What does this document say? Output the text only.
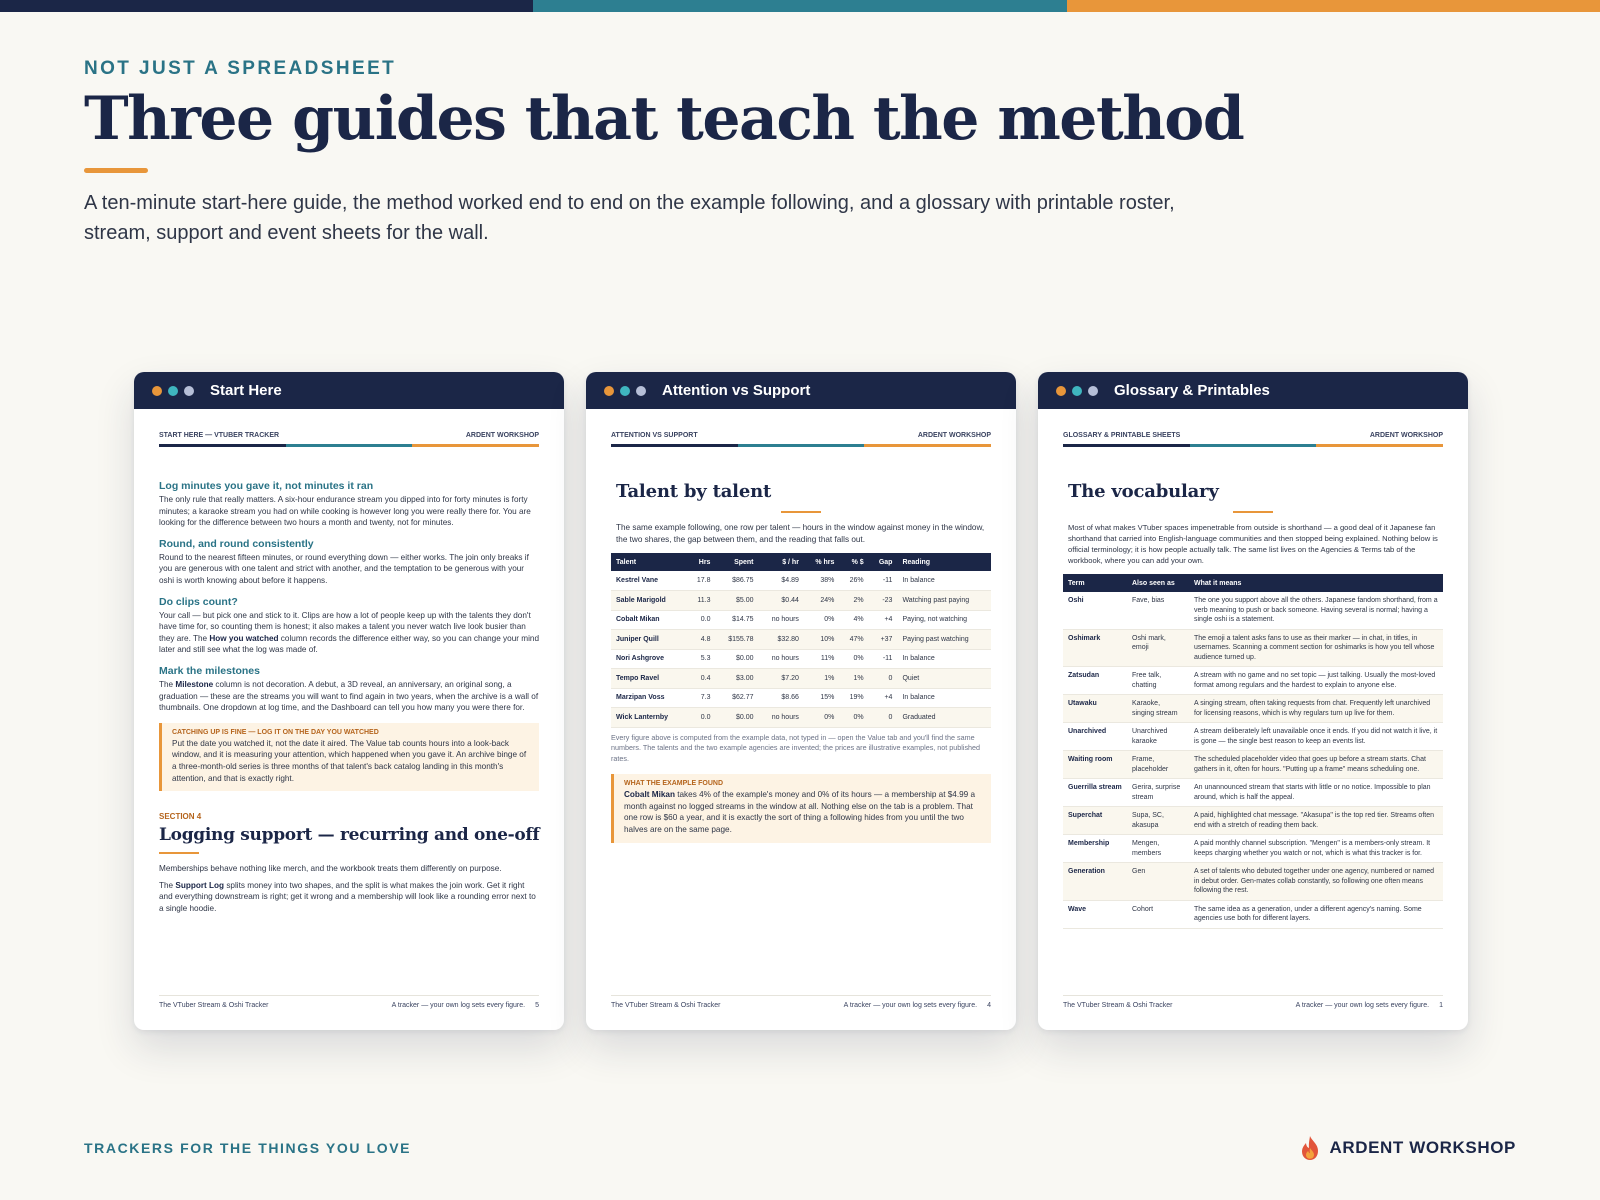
NOT JUST A SPREADSHEET
Three guides that teach the method

A ten-minute start-here guide, the method worked end to end on the example following, and a glossary with printable roster, stream, support and event sheets for the wall.

Start Here
START HERE — VTUBER TRACKER	ARDENT WORKSHOP
Log minutes you gave it, not minutes it ran
The only rule that really matters. A six-hour endurance stream you dipped into for forty minutes is forty minutes; a karaoke stream you had on while cooking is however long you were really there for. You are looking for the difference between two hours a month and twenty, not for minutes.
Round, and round consistently
Round to the nearest fifteen minutes, or round everything down — either works. The join only breaks if you are generous with one talent and strict with another, and the temptation to be generous with your oshi is worth knowing about before it happens.
Do clips count?
Your call — but pick one and stick to it. Clips are how a lot of people keep up with the talents they don't have time for, so counting them is honest; it also makes a talent you never watch live look busier than they are. The How you watched column records the difference either way, so you can change your mind later and still see what the log was made of.
Mark the milestones
The Milestone column is not decoration. A debut, a 3D reveal, an anniversary, an original song, a graduation — these are the streams you will want to find again in two years, when the archive is a wall of thumbnails. One dropdown at log time, and the Dashboard can tell you how many you were there for.
CATCHING UP IS FINE — LOG IT ON THE DAY YOU WATCHED
Put the date you watched it, not the date it aired. The Value tab counts hours into a look-back window, and it is measuring your attention, which happened when you gave it. An archive binge of a three-month-old series is three months of that talent's back catalog landing in this month's attention, and that is exactly right.
SECTION 4
Logging support — recurring and one-off
Memberships behave nothing like merch, and the workbook treats them differently on purpose.
The Support Log splits money into two shapes, and the split is what makes the join work. Get it right and everything downstream is right; get it wrong and a membership will look like a rounding error next to a single hoodie.
The VTuber Stream & Oshi Tracker	A tracker — your own log sets every figure. 5
Attention vs Support
ATTENTION VS SUPPORT	ARDENT WORKSHOP
Talent by talent
The same example following, one row per talent — hours in the window against money in the window, the two shares, the gap between them, and the reading that falls out.
Talent	Hrs	Spent	$ / hr	% hrs	% $	Gap	Reading
Kestrel Vane	17.8	$86.75	$4.89	38%	26%	-11	In balance
Sable Marigold	11.3	$5.00	$0.44	24%	2%	-23	Watching past paying
Cobalt Mikan	0.0	$14.75	no hours	0%	4%	+4	Paying, not watching
Juniper Quill	4.8	$155.78	$32.80	10%	47%	+37	Paying past watching
Nori Ashgrove	5.3	$0.00	no hours	11%	0%	-11	In balance
Tempo Ravel	0.4	$3.00	$7.20	1%	1%	0	Quiet
Marzipan Voss	7.3	$62.77	$8.66	15%	19%	+4	In balance
Wick Lanternby	0.0	$0.00	no hours	0%	0%	0	Graduated
Every figure above is computed from the example data, not typed in — open the Value tab and you'll find the same numbers. The talents and the two example agencies are invented; the prices are illustrative examples, not published rates.
WHAT THE EXAMPLE FOUND
Cobalt Mikan takes 4% of the example's money and 0% of its hours — a membership at $4.99 a month against no logged streams in the window at all. Nothing else on the tab is a problem. That one row is $60 a year, and it is exactly the sort of thing a following hides from you until the two halves are on the same page.
The VTuber Stream & Oshi Tracker	A tracker — your own log sets every figure. 4
Glossary & Printables
GLOSSARY & PRINTABLE SHEETS	ARDENT WORKSHOP
The vocabulary
Most of what makes VTuber spaces impenetrable from outside is shorthand — a good deal of it Japanese fan shorthand that carried into English-language communities and then stopped being explained. Nothing below is official terminology; it is how people actually talk. The same list lives on the Agencies & Terms tab of the workbook, where you can add your own.
Term	Also seen as	What it means
Oshi	Fave, bias	The one you support above all the others. Japanese fandom shorthand, from a verb meaning to push or back someone. Having several is normal; having a single oshi is a statement.
Oshimark	Oshi mark, emoji	The emoji a talent asks fans to use as their marker — in chat, in titles, in usernames. Scanning a comment section for oshimarks is how you tell whose audience turned up.
Zatsudan	Free talk, chatting	A stream with no game and no set topic — just talking. Usually the most-loved format among regulars and the hardest to explain to anyone else.
Utawaku	Karaoke, singing stream	A singing stream, often taking requests from chat. Frequently left unarchived for licensing reasons, which is why regulars turn up live for them.
Unarchived	Unarchived karaoke	A stream deliberately left unavailable once it ends. If you did not watch it live, it is gone — the single best reason to keep an events list.
Waiting room	Frame, placeholder	The scheduled placeholder video that goes up before a stream starts. Chat gathers in it, often for hours. "Putting up a frame" means scheduling one.
Guerrilla stream	Gerira, surprise stream	An unannounced stream that starts with little or no notice. Impossible to plan around, which is half the appeal.
Superchat	Supa, SC, akasupa	A paid, highlighted chat message. "Akasupa" is the top red tier. Streams often end with a stretch of reading them back.
Membership	Mengen, members	A paid monthly channel subscription. "Mengen" is a members-only stream. It keeps charging whether you watch or not, which is what this tracker is for.
Generation	Gen	A set of talents who debuted together under one agency, numbered or named in debut order. Gen-mates collab constantly, so following one often means following the rest.
Wave	Cohort	The same idea as a generation, under a different agency's naming. Some agencies use both for different layers.
The VTuber Stream & Oshi Tracker	A tracker — your own log sets every figure. 1
TRACKERS FOR THE THINGS YOU LOVE	ARDENT WORKSHOP
